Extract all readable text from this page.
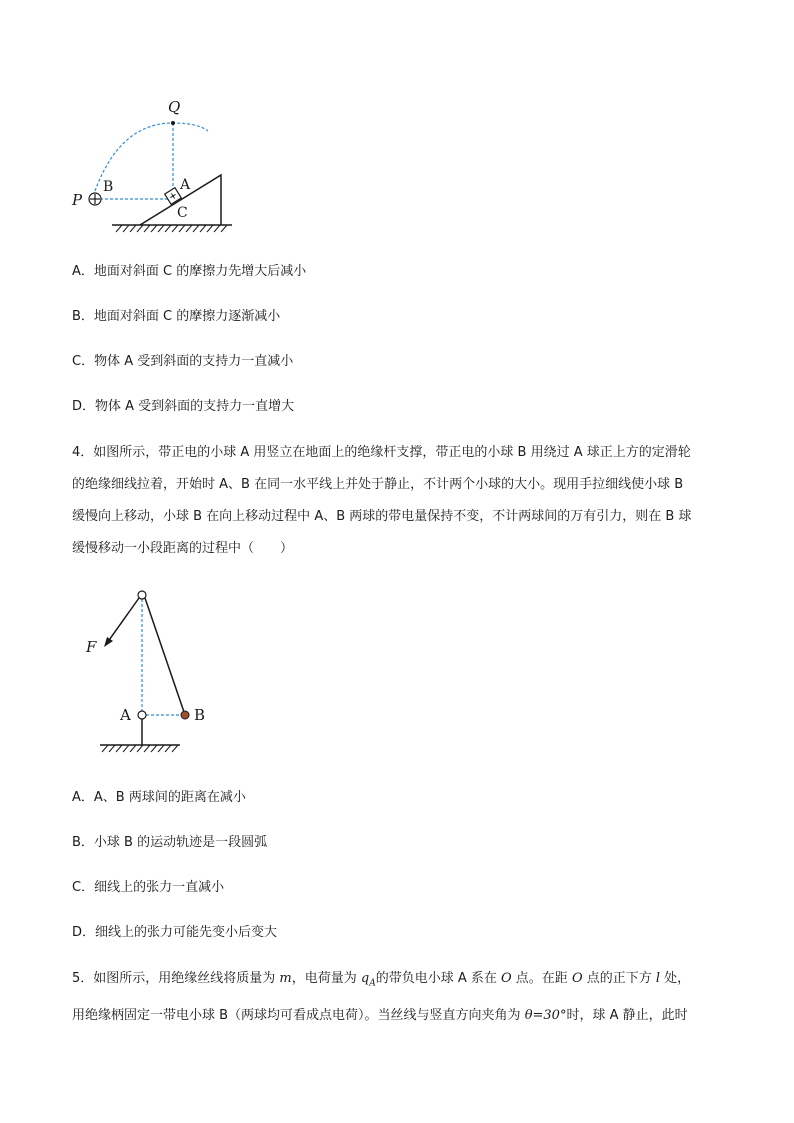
Q
P
B	A
C
A．地面对斜面 C 的摩擦力先增大后减小
B．地面对斜面 C 的摩擦力逐渐减小
C．物体 A 受到斜面的支持力一直减小
D．物体 A 受到斜面的支持力一直增大
4．如图所示，带正电的小球 A 用竖立在地面上的绝缘杆支撑，带正电的小球 B 用绕过 A 球正上方的定滑轮
的绝缘细线拉着，开始时 A、B 在同一水平线上并处于静止，不计两个小球的大小。现用手拉细线使小球 B
缓慢向上移动，小球 B 在向上移动过程中 A、B 两球的带电量保持不变，不计两球间的万有引力，则在 B 球
缓慢移动一小段距离的过程中（　　）
F
A	B
A．A、B 两球间的距离在减小
B．小球 B 的运动轨迹是一段圆弧
C．细线上的张力一直减小
D．细线上的张力可能先变小后变大
5．如图所示，用绝缘丝线将质量为 m，电荷量为 $q_A$的带负电小球 A 系在 O 点。在距 O 点的正下方 l 处，
用绝缘柄固定一带电小球 B（两球均可看成点电荷）。当丝线与竖直方向夹角为 θ=30°时，球 A 静止，此时
